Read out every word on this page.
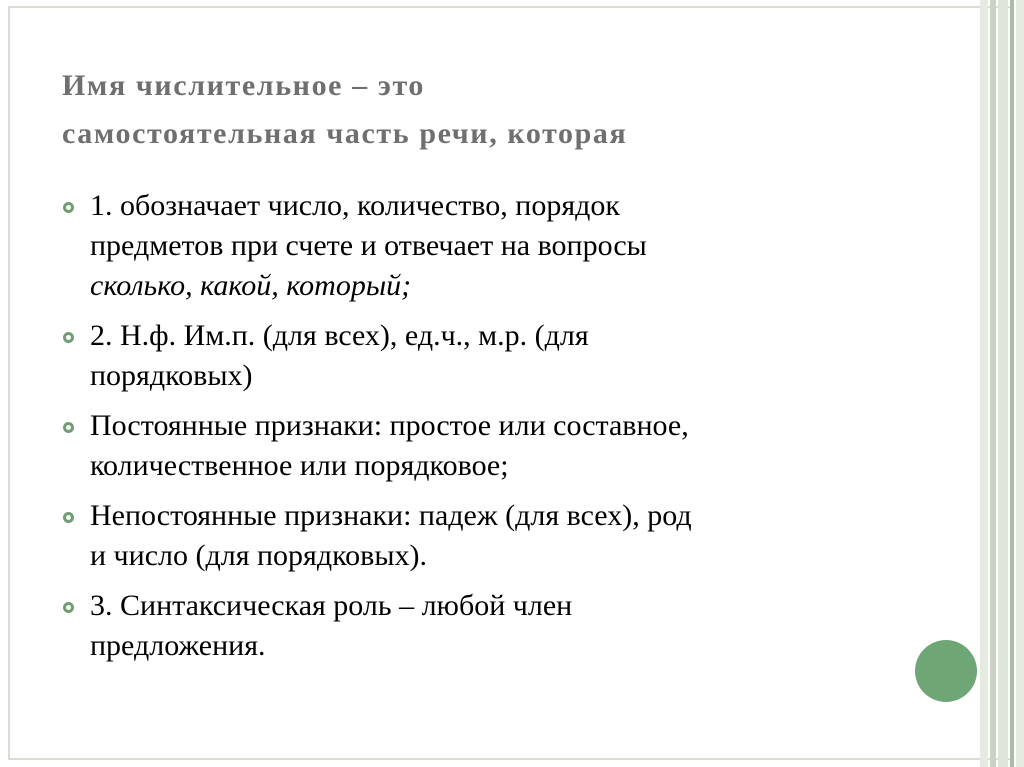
Имя числительное – это
самостоятельная часть речи, которая
1. обозначает число, количество, порядок
предметов при счете и отвечает на вопросы
сколько, какой, который;
2. Н.ф. Им.п. (для всех), ед.ч., м.р. (для
порядковых)
Постоянные признаки: простое или составное,
количественное или порядковое;
Непостоянные признаки: падеж (для всех), род
и число (для порядковых).
3. Синтаксическая роль – любой член
предложения.
